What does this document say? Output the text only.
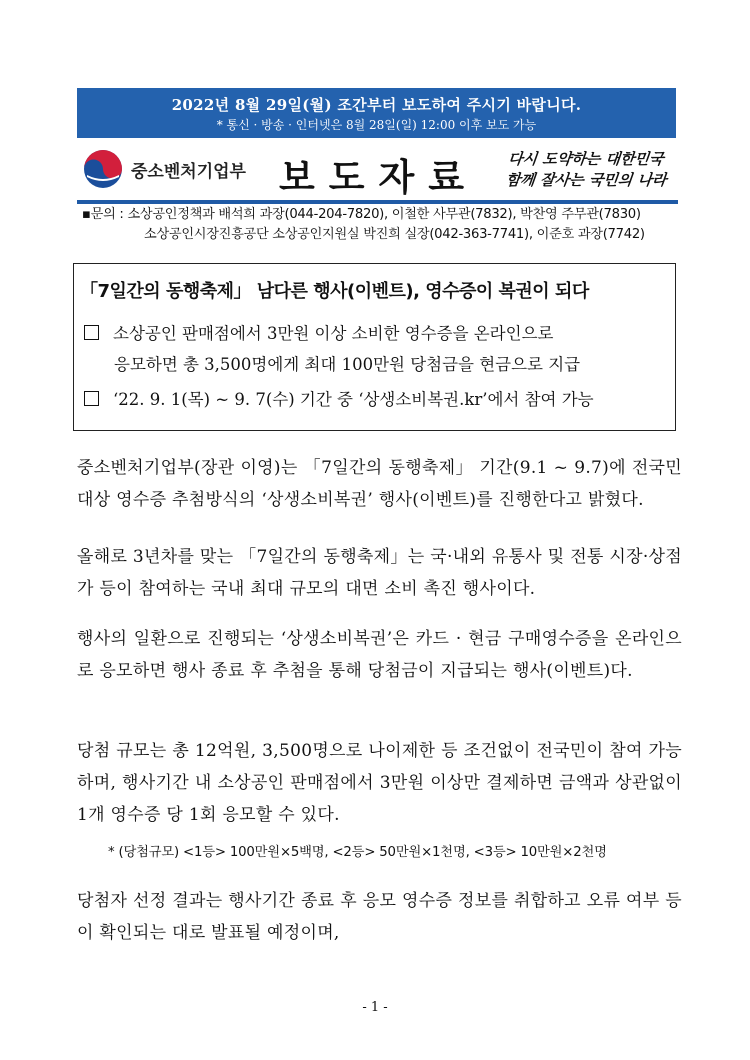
2022년 8월 29일(월) 조간부터 보도하여 주시기 바랍니다.
* 통신 · 방송 · 인터넷은 8월 28일(일) 12:00 이후 보도 가능
중소벤처기업부 보도자료 다시 도약하는 대한민국
함께 잘사는 국민의 나라
▪문의 : 소상공인정책과 배석희 과장(044-204-7820), 이철한 사무관(7832), 박찬영 주무관(7830)
소상공인시장진흥공단 소상공인지원실 박진희 실장(042-363-7741), 이준호 과장(7742)
「7일간의 동행축제」 남다른 행사(이벤트), 영수증이 복권이 되다
소상공인 판매점에서 3만원 이상 소비한 영수증을 온라인으로
응모하면 총 3,500명에게 최대 100만원 당첨금을 현금으로 지급
‘22. 9. 1(목) ~ 9. 7(수) 기간 중 ‘상생소비복권.kr’에서 참여 가능
중소벤처기업부(장관 이영)는 「7일간의 동행축제」 기간(9.1 ~ 9.7)에 전국민 대상 영수증 추첨방식의 ‘상생소비복권’ 행사(이벤트)를 진행한다고 밝혔다.
올해로 3년차를 맞는 「7일간의 동행축제」는 국·내외 유통사 및 전통 시장·상점가 등이 참여하는 국내 최대 규모의 대면 소비 촉진 행사이다.
행사의 일환으로 진행되는 ‘상생소비복권’은 카드 · 현금 구매영수증을 온라인으로 응모하면 행사 종료 후 추첨을 통해 당첨금이 지급되는 행사(이벤트)다.
당첨 규모는 총 12억원, 3,500명으로 나이제한 등 조건없이 전국민이 참여 가능하며, 행사기간 내 소상공인 판매점에서 3만원 이상만 결제하면 금액과 상관없이 1개 영수증 당 1회 응모할 수 있다.
* (당첨규모) <1등> 100만원×5백명, <2등> 50만원×1천명, <3등> 10만원×2천명
당첨자 선정 결과는 행사기간 종료 후 응모 영수증 정보를 취합하고 오류 여부 등이 확인되는 대로 발표될 예정이며,
- 1 -
